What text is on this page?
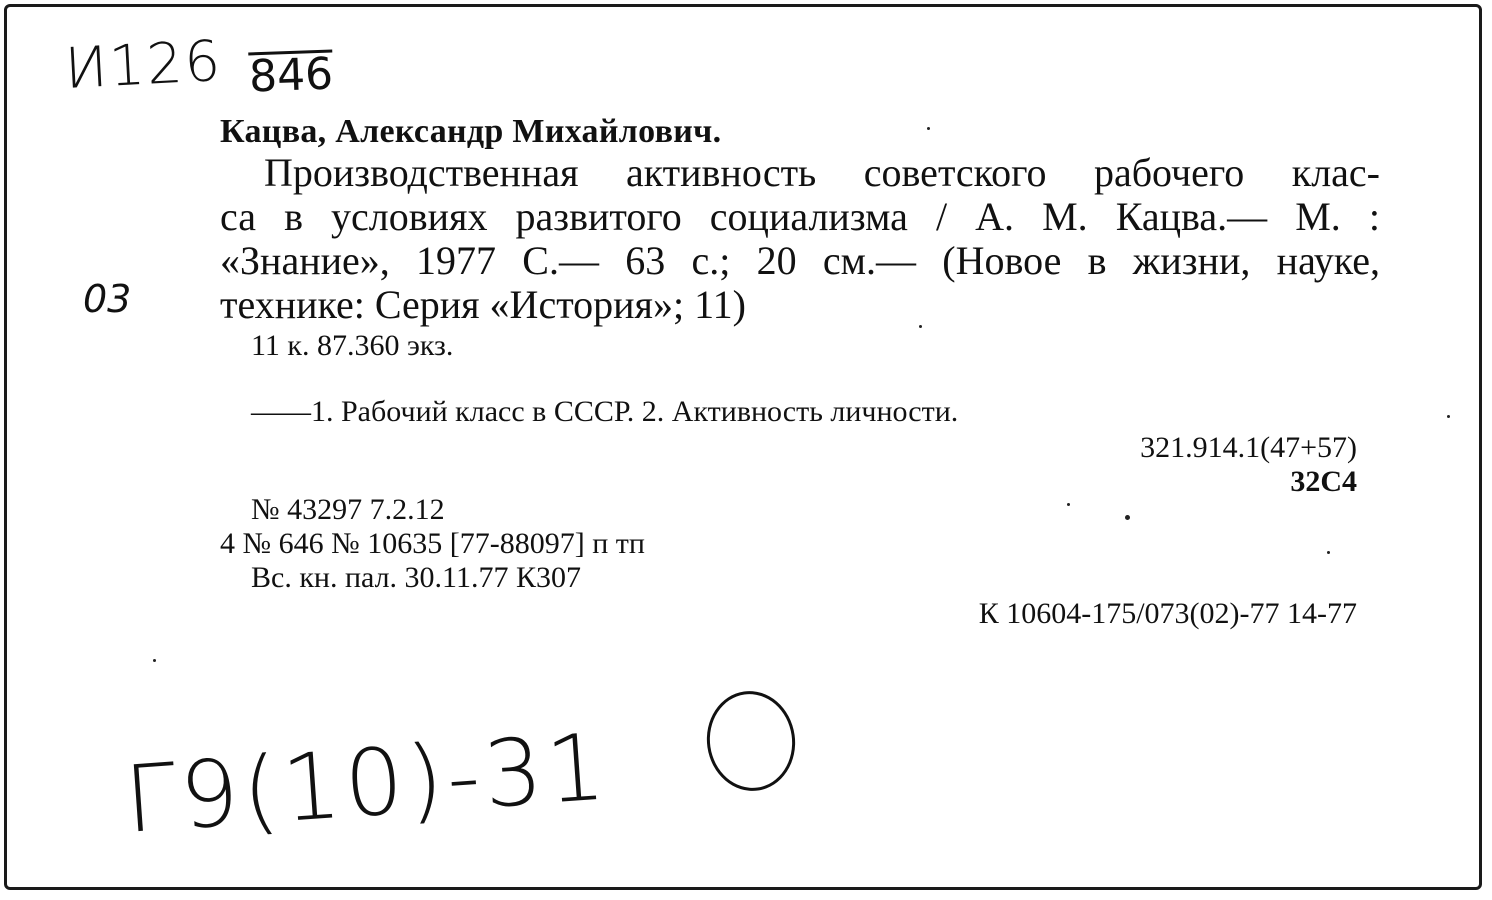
И126 846
03
Кацва, Александр Михайлович.
Производственная активность советского рабочего клас-
са в условиях развитого социализма / А. М. Кацва.— М. :
«Знание», 1977 С.— 63 с.; 20 см.— (Новое в жизни, науке,
технике: Серия «История»; 11)
11 к. 87.360 экз.
——1. Рабочий класс в СССР. 2. Активность личности.
321.914.1(47+57)
32С4
№ 43297 7.2.12
4 № 646 № 10635 [77-88097] п тп
Вс. кн. пал. 30.11.77 К307
К 10604-175/073(02)-77 14-77
Г9(10)-31
